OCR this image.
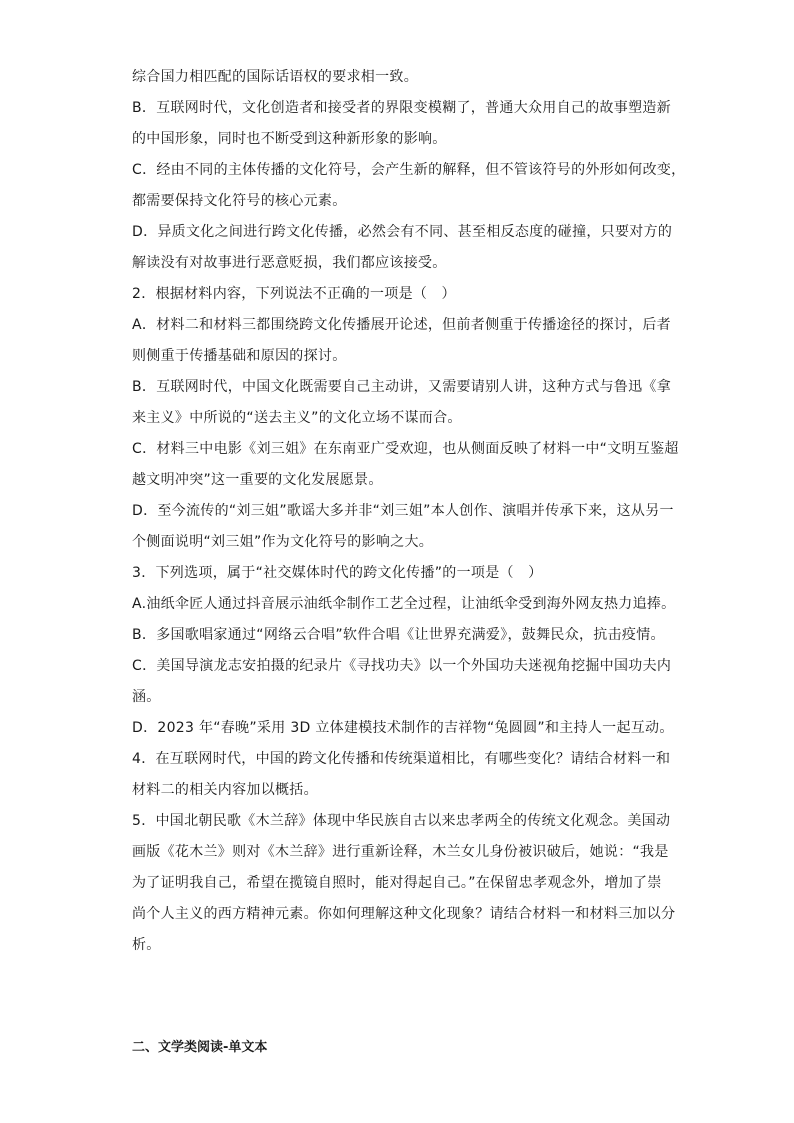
综合国力相匹配的国际话语权的要求相一致。
B．互联网时代，文化创造者和接受者的界限变模糊了，普通大众用自己的故事塑造新
的中国形象，同时也不断受到这种新形象的影响。
C．经由不同的主体传播的文化符号，会产生新的解释，但不管该符号的外形如何改变，
都需要保持文化符号的核心元素。
D．异质文化之间进行跨文化传播，必然会有不同、甚至相反态度的碰撞，只要对方的
解读没有对故事进行恶意贬损，我们都应该接受。
2．根据材料内容，下列说法不正确的一项是（　）
A．材料二和材料三都围绕跨文化传播展开论述，但前者侧重于传播途径的探讨，后者
则侧重于传播基础和原因的探讨。
B．互联网时代，中国文化既需要自己主动讲，又需要请别人讲，这种方式与鲁迅《拿
来主义》中所说的“送去主义”的文化立场不谋而合。
C．材料三中电影《刘三姐》在东南亚广受欢迎，也从侧面反映了材料一中“文明互鉴超
越文明冲突”这一重要的文化发展愿景。
D．至今流传的“刘三姐”歌谣大多并非“刘三姐”本人创作、演唱并传承下来，这从另一
个侧面说明“刘三姐”作为文化符号的影响之大。
3．下列选项，属于“社交媒体时代的跨文化传播”的一项是（　）
A.油纸伞匠人通过抖音展示油纸伞制作工艺全过程，让油纸伞受到海外网友热力追捧。
B．多国歌唱家通过“网络云合唱”软件合唱《让世界充满爱》，鼓舞民众，抗击疫情。
C．美国导演龙志安拍摄的纪录片《寻找功夫》以一个外国功夫迷视角挖掘中国功夫内
涵。
D．2023 年“春晚”采用 3D 立体建模技术制作的吉祥物“兔圆圆”和主持人一起互动。
4．在互联网时代，中国的跨文化传播和传统渠道相比，有哪些变化？请结合材料一和
材料二的相关内容加以概括。
5．中国北朝民歌《木兰辞》体现中华民族自古以来忠孝两全的传统文化观念。美国动
画版《花木兰》则对《木兰辞》进行重新诠释，木兰女儿身份被识破后，她说：“我是
为了证明我自己，希望在揽镜自照时，能对得起自己。”在保留忠孝观念外，增加了崇
尚个人主义的西方精神元素。你如何理解这种文化现象？请结合材料一和材料三加以分
析。
二、文学类阅读-单文本
